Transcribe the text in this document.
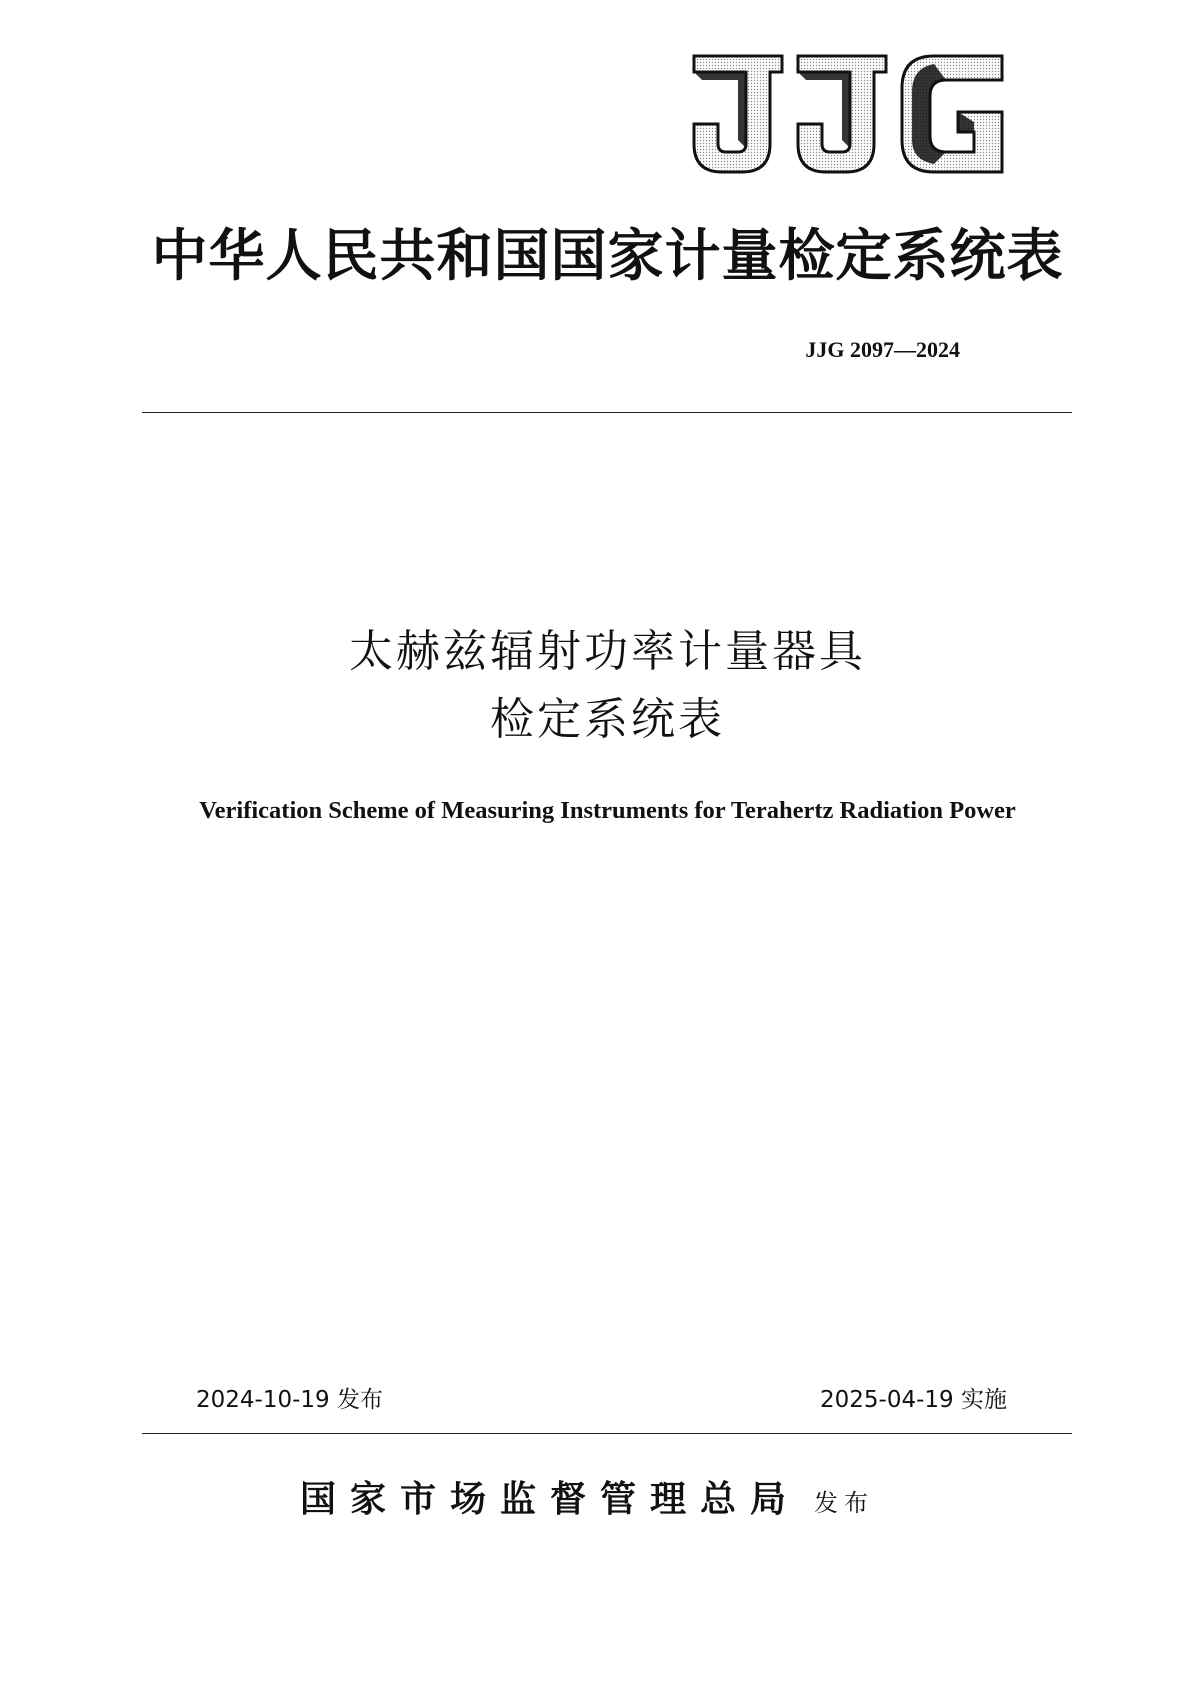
中华人民共和国国家计量检定系统表
JJG 2097—2024
太赫兹辐射功率计量器具
检定系统表
Verification Scheme of Measuring Instruments for Terahertz Radiation Power
2024-10-19 发布	2025-04-19 实施
国家市场监督管理总局 发布
